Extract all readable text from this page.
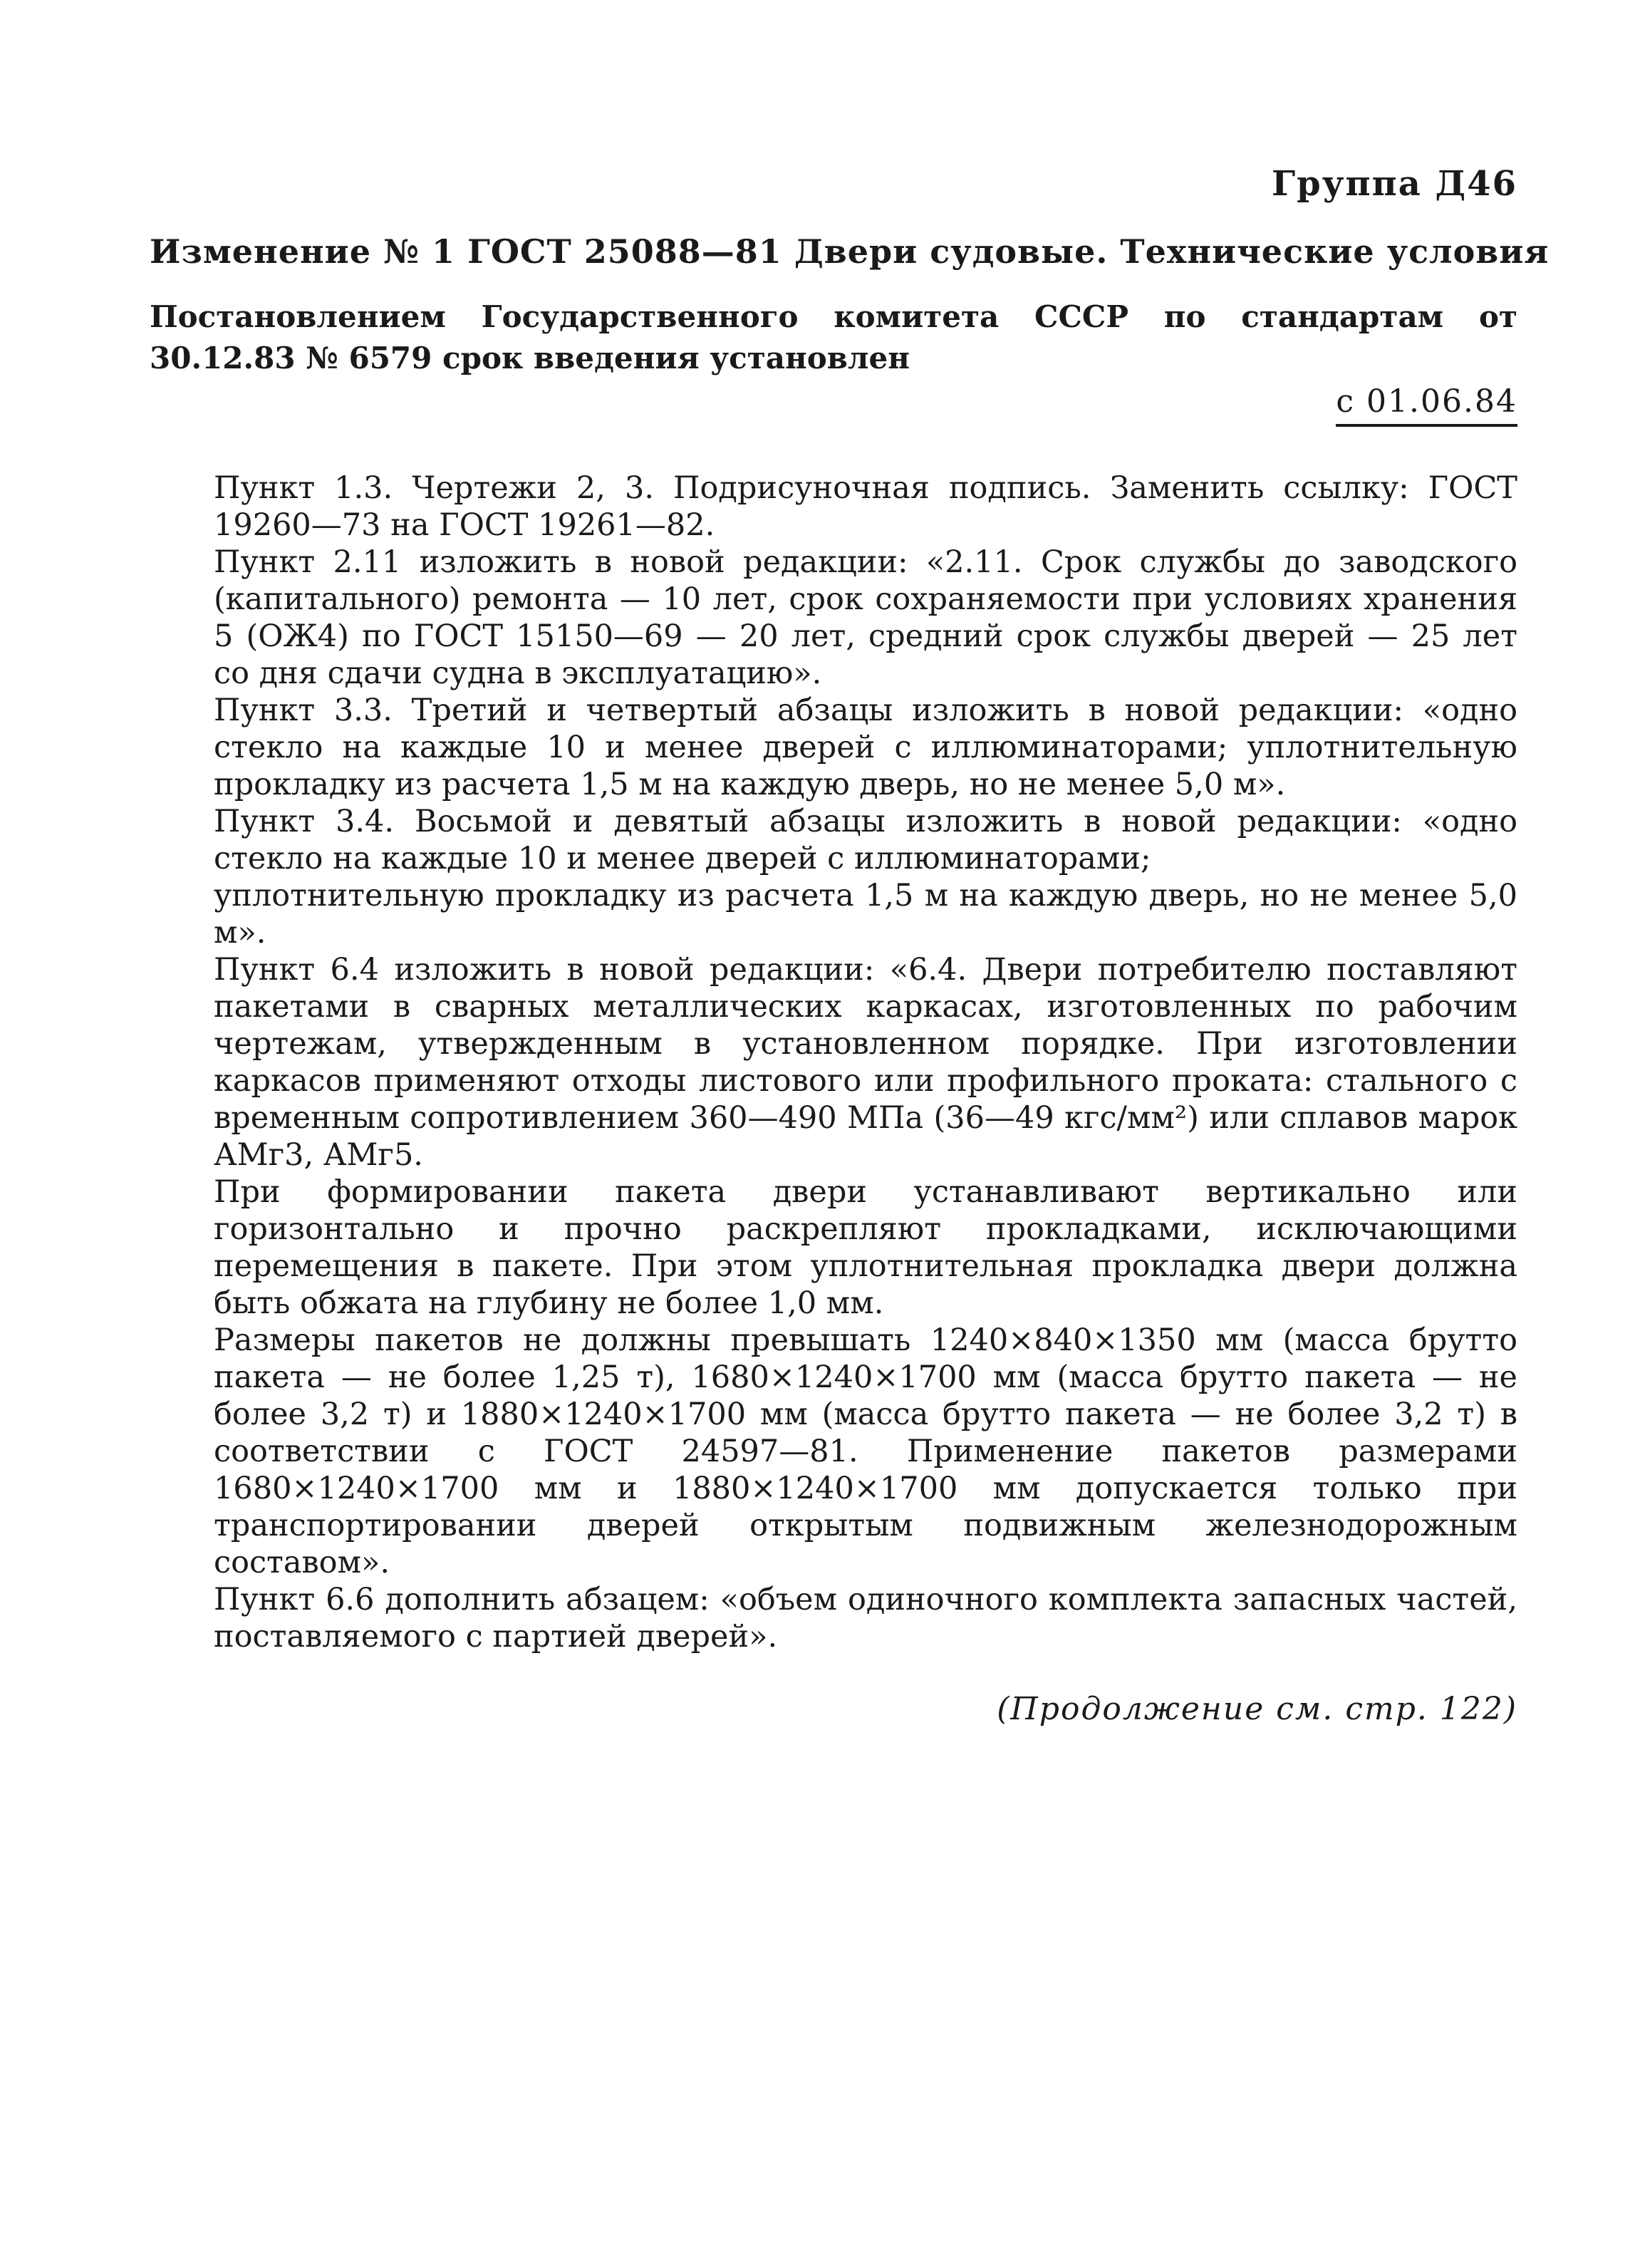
Группа Д46
Изменение № 1 ГОСТ 25088—81 Двери судовые. Технические условия
Постановлением Государственного комитета СССР по стандартам от 30.12.83 № 6579 срок введения установлен
с 01.06.84

Пункт 1.3. Чертежи 2, 3. Подрисуночная подпись. Заменить ссылку: ГОСТ 19260—73 на ГОСТ 19261—82.

Пункт 2.11 изложить в новой редакции: «2.11. Срок службы до заводского (капитального) ремонта — 10 лет, срок сохраняемости при условиях хранения 5 (ОЖ4) по ГОСТ 15150—69 — 20 лет, средний срок службы дверей — 25 лет со дня сдачи судна в эксплуатацию».

Пункт 3.3. Третий и четвертый абзацы изложить в новой редакции: «одно стекло на каждые 10 и менее дверей с иллюминаторами; уплотнительную прокладку из расчета 1,5 м на каждую дверь, но не менее 5,0 м».

Пункт 3.4. Восьмой и девятый абзацы изложить в новой редакции: «одно стекло на каждые 10 и менее дверей с иллюминаторами;

уплотнительную прокладку из расчета 1,5 м на каждую дверь, но не менее 5,0 м».

Пункт 6.4 изложить в новой редакции: «6.4. Двери потребителю поставляют пакетами в сварных металлических каркасах, изготовленных по рабочим чертежам, утвержденным в установленном порядке. При изготовлении каркасов применяют отходы листового или профильного проката: стального с временным сопротивлением 360—490 МПа (36—49 кгс/мм²) или сплавов марок АМг3, АМг5.

При формировании пакета двери устанавливают вертикально или горизонтально и прочно раскрепляют прокладками, исключающими перемещения в пакете. При этом уплотнительная прокладка двери должна быть обжата на глубину не более 1,0 мм.

Размеры пакетов не должны превышать 1240×840×1350 мм (масса брутто пакета — не более 1,25 т), 1680×1240×1700 мм (масса брутто пакета — не более 3,2 т) и 1880×1240×1700 мм (масса брутто пакета — не более 3,2 т) в соответствии с ГОСТ 24597—81. Применение пакетов размерами 1680×1240×1700 мм и 1880×1240×1700 мм допускается только при транспортировании дверей открытым подвижным железнодорожным составом».

Пункт 6.6 дополнить абзацем: «объем одиночного комплекта запасных частей, поставляемого с партией дверей».

(Продолжение см. стр. 122)
